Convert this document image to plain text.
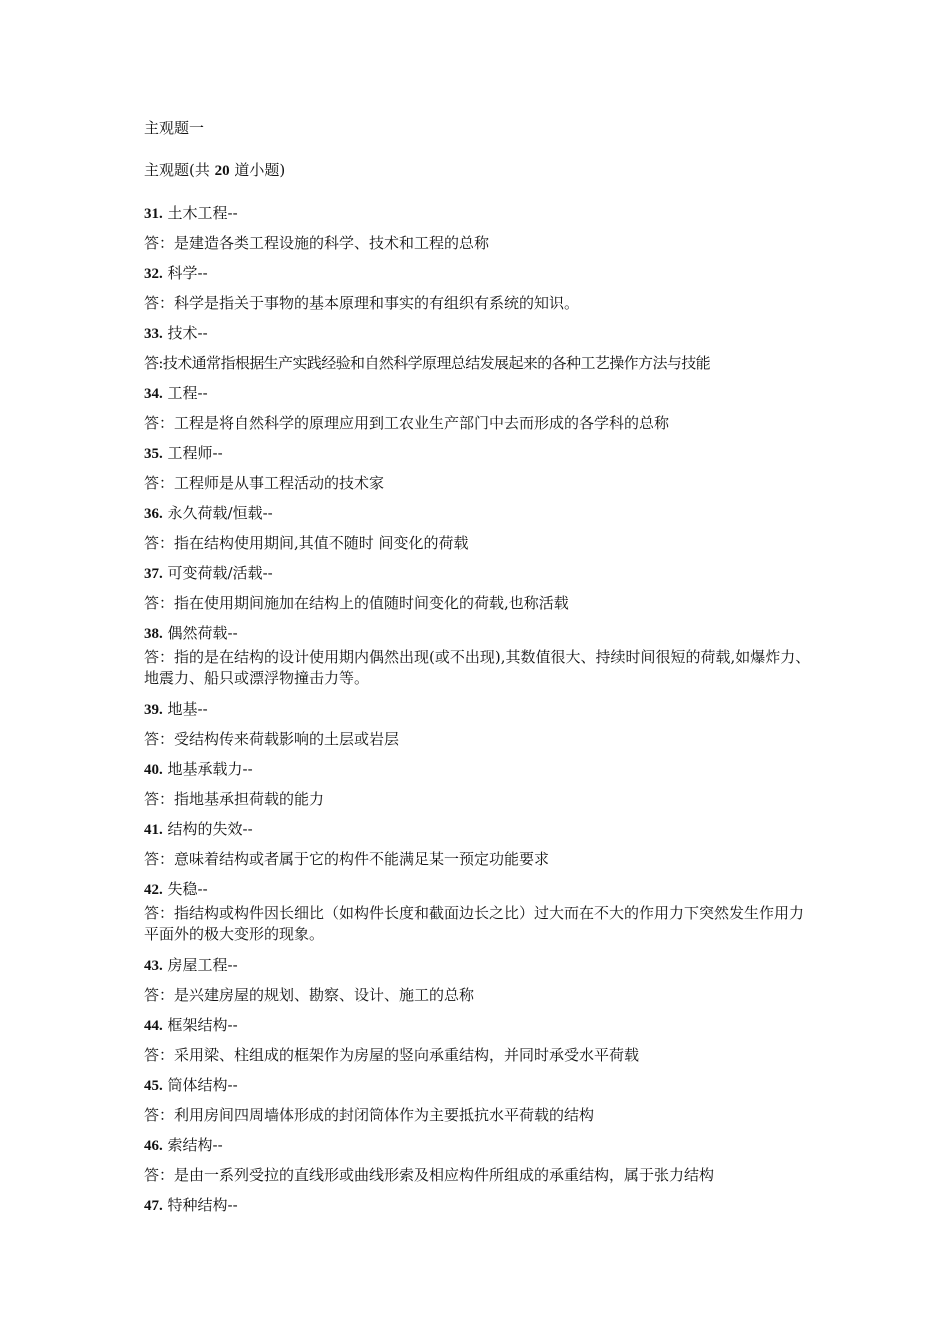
主观题一
主观题(共 20 道小题)
31. 土木工程--
答：是建造各类工程设施的科学、技术和工程的总称
32. 科学--
答：科学是指关于事物的基本原理和事实的有组织有系统的知识。
33. 技术--
答:技术通常指根据生产实践经验和自然科学原理总结发展起来的各种工艺操作方法与技能
34. 工程--
答：工程是将自然科学的原理应用到工农业生产部门中去而形成的各学科的总称
35. 工程师--
答：工程师是从事工程活动的技术家
36. 永久荷载/恒载--
答：指在结构使用期间,其值不随时 间变化的荷载
37. 可变荷载/活载--
答：指在使用期间施加在结构上的值随时间变化的荷载,也称活载
38. 偶然荷载--
答：指的是在结构的设计使用期内偶然出现(或不出现),其数值很大、持续时间很短的荷载,如爆炸力、地震力、船只或漂浮物撞击力等。
39. 地基--
答：受结构传来荷载影响的土层或岩层
40. 地基承载力--
答：指地基承担荷载的能力
41. 结构的失效--
答：意味着结构或者属于它的构件不能满足某一预定功能要求
42. 失稳--
答：指结构或构件因长细比（如构件长度和截面边长之比）过大而在不大的作用力下突然发生作用力平面外的极大变形的现象。
43. 房屋工程--
答：是兴建房屋的规划、勘察、设计、施工的总称
44. 框架结构--
答：采用梁、柱组成的框架作为房屋的竖向承重结构，并同时承受水平荷载
45. 筒体结构--
答：利用房间四周墙体形成的封闭筒体作为主要抵抗水平荷载的结构
46. 索结构--
答：是由一系列受拉的直线形或曲线形索及相应构件所组成的承重结构，属于张力结构
47. 特种结构--
